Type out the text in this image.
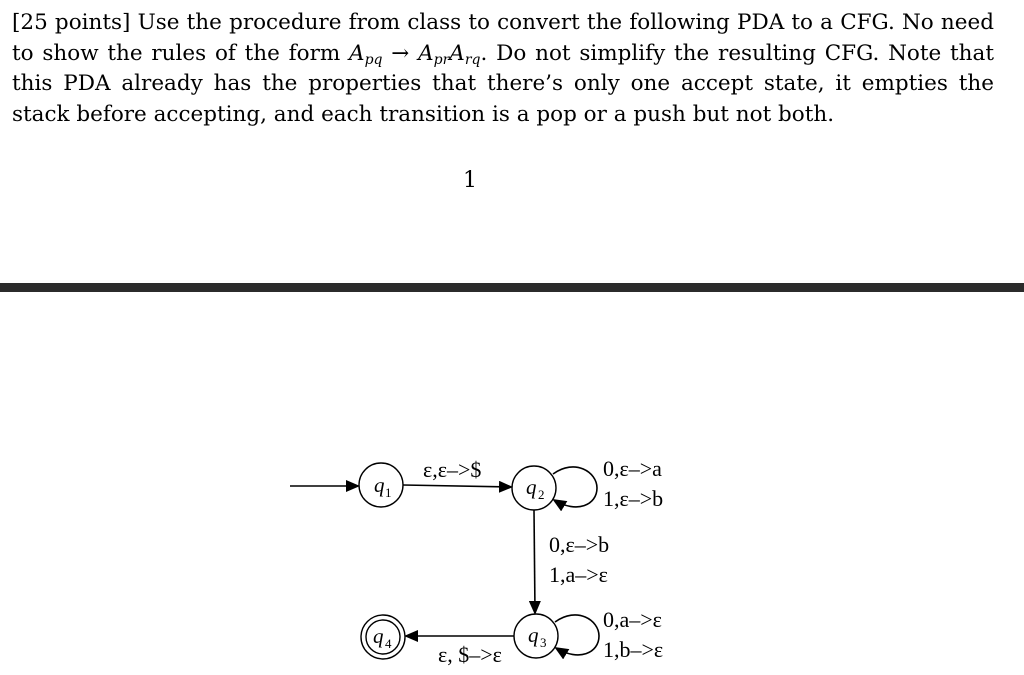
[25 points] Use the procedure from class to convert the following PDA to a CFG. No need to show the rules of the form $A_{pq} \to A_{pr}A_{rq}$. Do not simplify the resulting CFG. Note that this PDA already has the properties that there’s only one accept state, it empties the stack before accepting, and each transition is a pop or a push but not both.
1
q 1	q 2
q 3
q 4
ε,ε–>$	0,ε–>a
1,ε–>b
0,ε–>b
1,a–>ε
0,a–>ε
1,b–>ε
ε, $–>ε
